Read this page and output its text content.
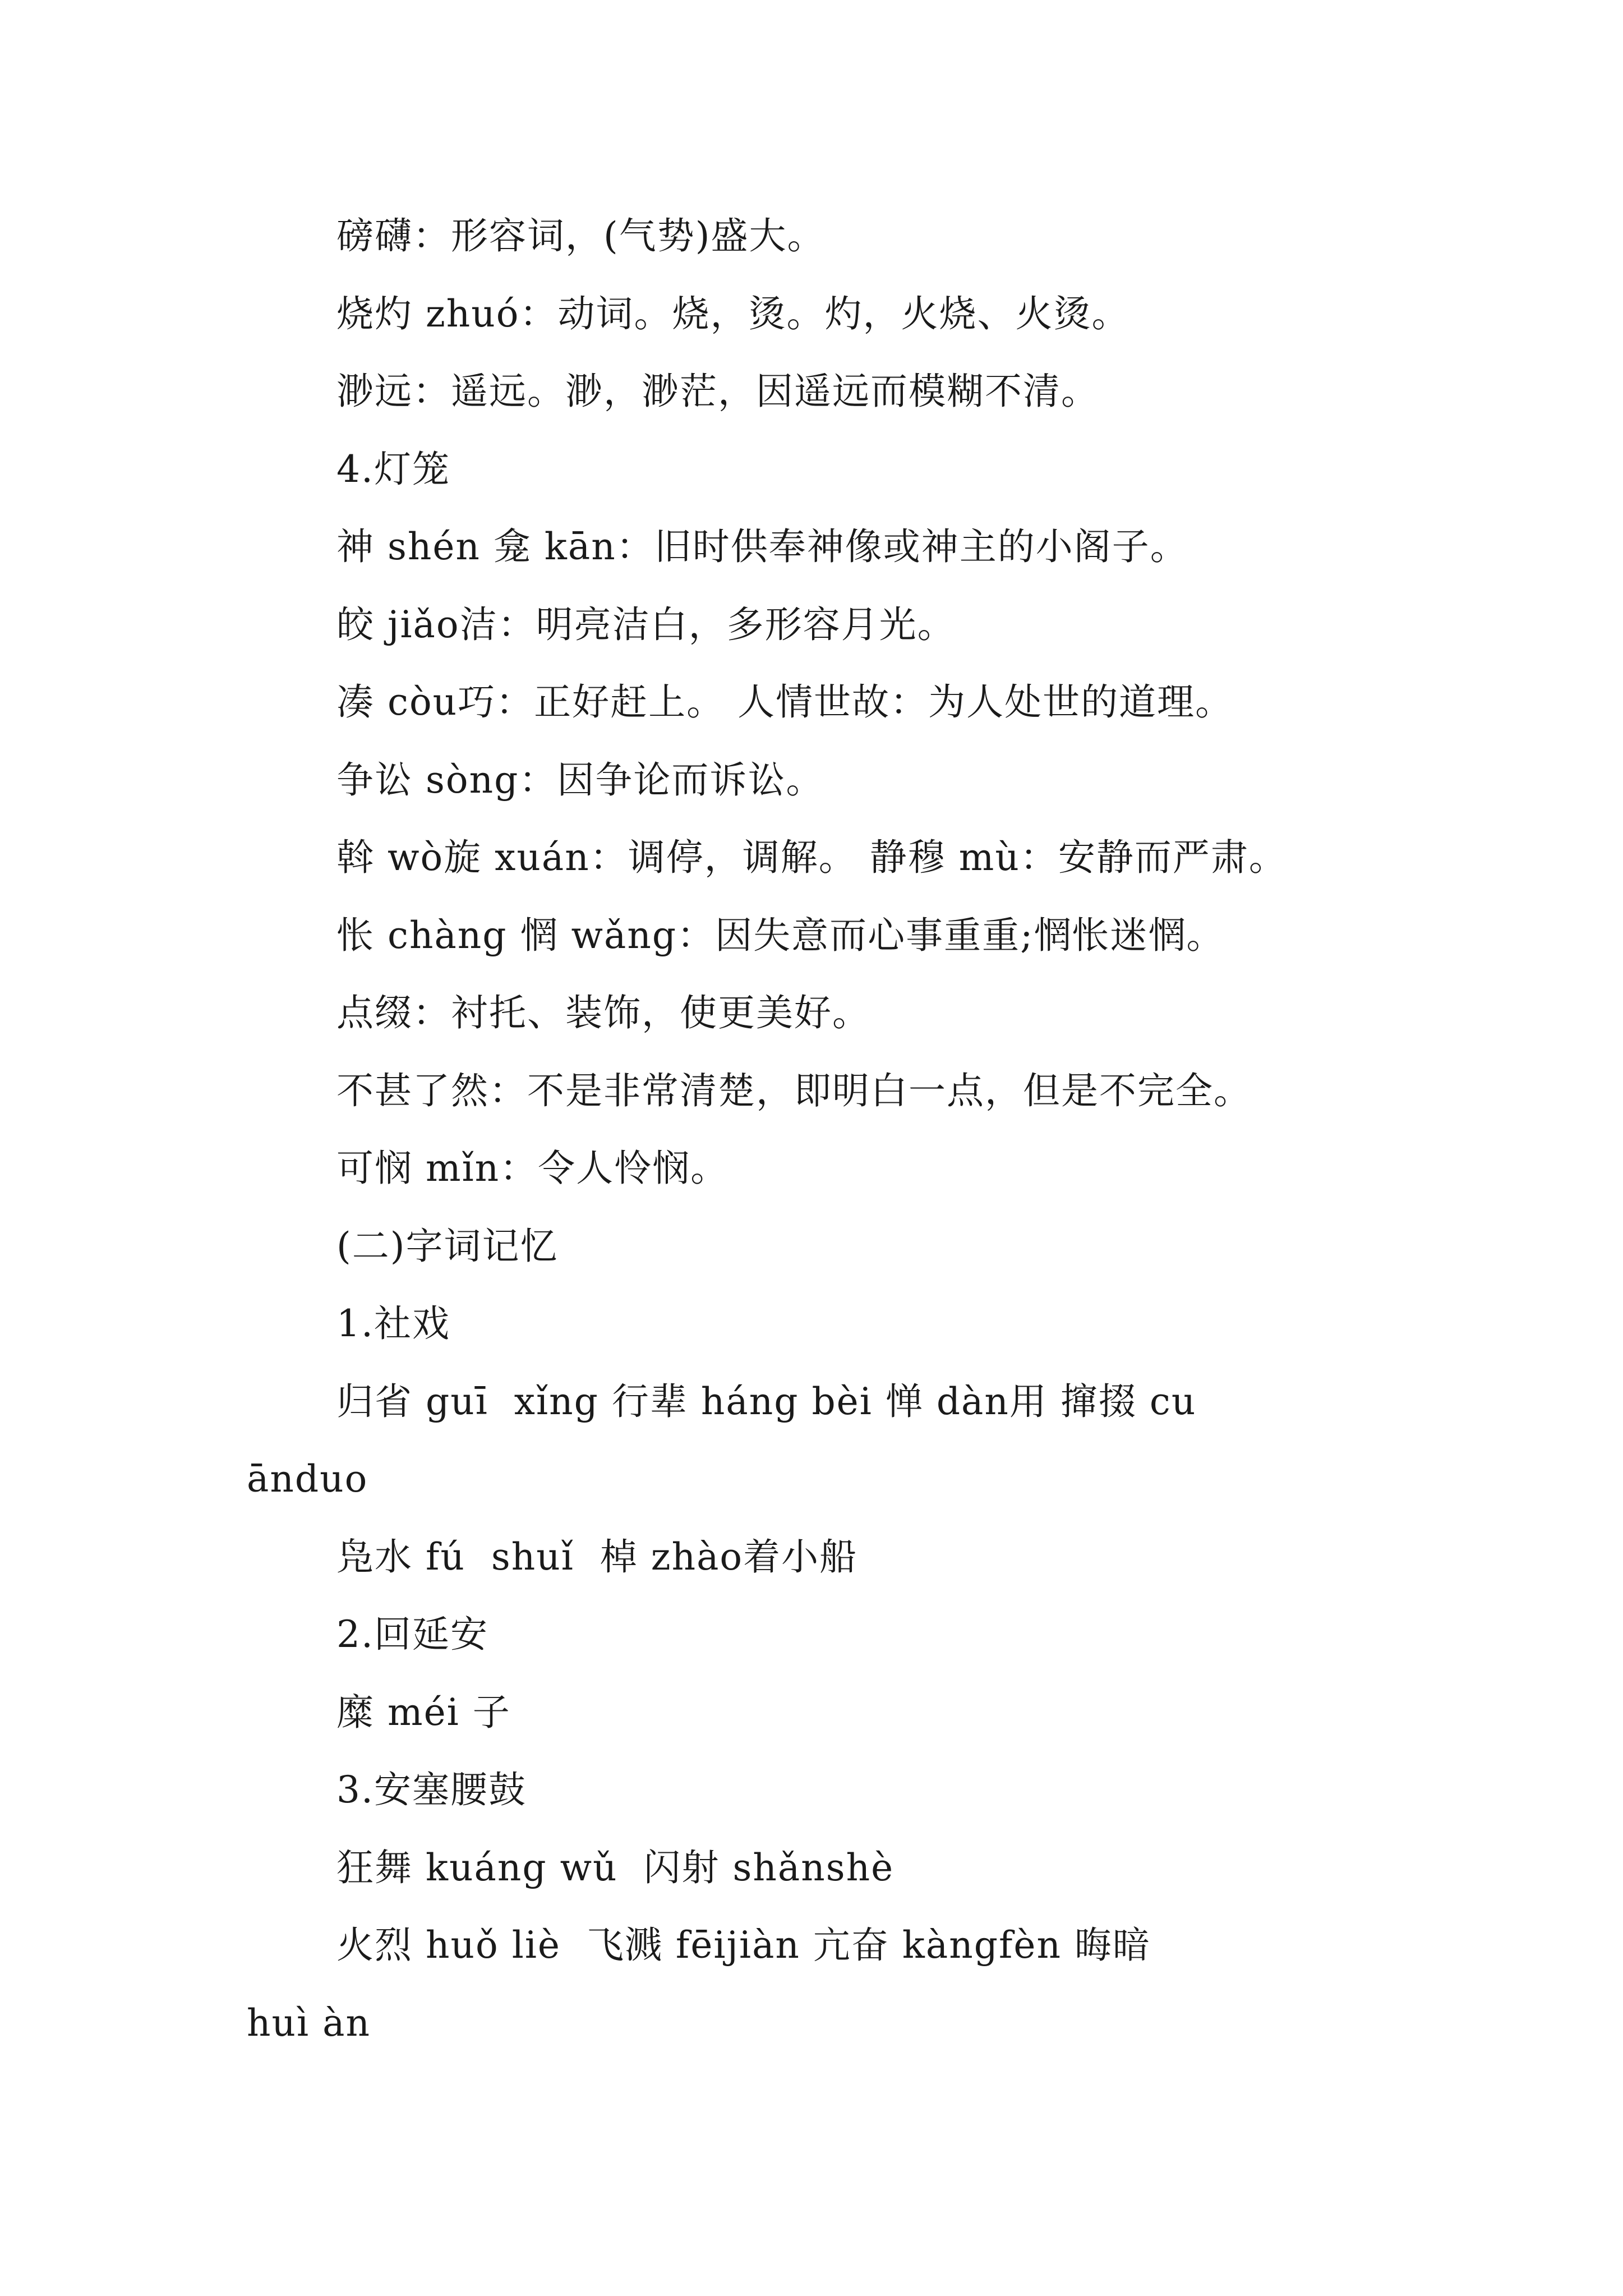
磅礴：形容词，(气势)盛大。
烧灼 zhuó：动词。烧，烫。灼，火烧、火烫。
渺远：遥远。渺，渺茫，因遥远而模糊不清。
4.灯笼
神 shén 龛 kān：旧时供奉神像或神主的小阁子。
皎 jiǎo洁：明亮洁白，多形容月光。
凑 còu巧：正好赶上。 人情世故：为人处世的道理。
争讼 sòng：因争论而诉讼。
斡 wò旋 xuán：调停，调解。 静穆 mù：安静而严肃。
怅 chàng 惘 wǎng：因失意而心事重重;惘怅迷惘。
点缀：衬托、装饰，使更美好。
不甚了然：不是非常清楚，即明白一点，但是不完全。
可悯 mǐn：令人怜悯。
(二)字词记忆
1.社戏
归省 guī  xǐng 行辈 háng bèi 惮 dàn用 撺掇 cu
ānduo
凫水 fú  shuǐ  棹 zhào着小船
2.回延安
糜 méi 子
3.安塞腰鼓
狂舞 kuáng wǔ  闪射 shǎnshè
火烈 huǒ liè  飞溅 fēijiàn 亢奋 kàngfèn 晦暗
huì àn
